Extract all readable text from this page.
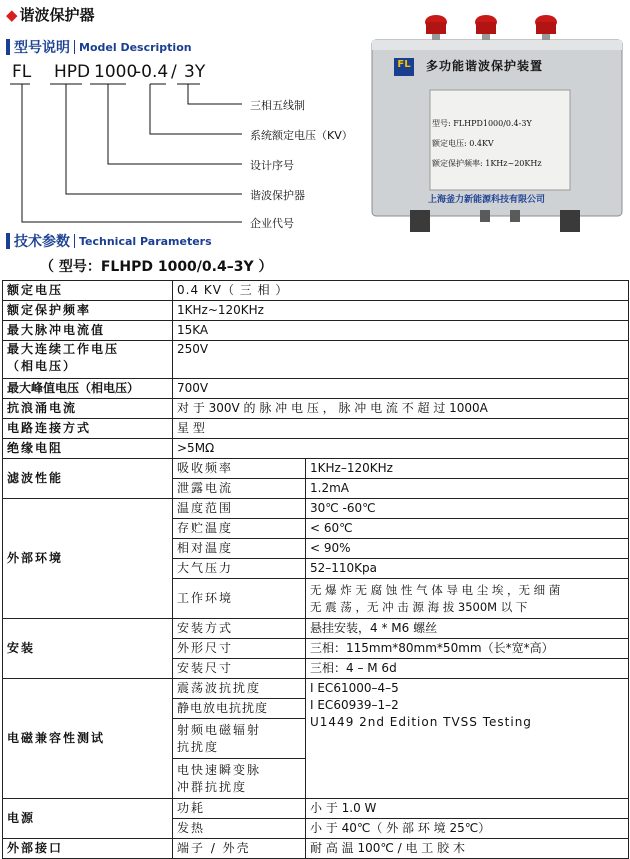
◆ 谐波保护器
型号说明 Model Description
FL HPD 1000
-0.4 / 3Y
三相五线制
系统额定电压（KV）
设计序号
谐波保护器
企业代号
FL 多功能谐波保护装置
型号: FLHPD1000/0.4-3Y
额定电压: 0.4KV
额定保护频率: 1KHz~20KHz
上海釜力新能源科技有限公司
技术参数 Technical Parameters
（ 型号：FLHPD 1000/0.4–3Y ）
额定电压	0.4 KV（ 三 相 ）	
额定保护频率	1KHz~120KHz	
最大脉冲电流值	15KA	

最大连续工作电压
（相电压）	250V	
最大峰值电压（相电压）	700V	
抗浪涌电流	对 于 300V 的 脉 冲 电 压 ， 脉 冲 电 流 不 超 过 1000A	
电路连接方式	星 型	
绝缘电阻	>5MΩ	
滤波性能	吸收频率	1KHz–120KHz
	泄露电流	1.2mA
外部环境	温度范围	30℃ -60℃
	存贮温度	< 60℃
	相对温度	< 90%
	大气压力	52–110Kpa
	工作环境	无 爆 炸 无 腐 蚀 性 气 体 导 电 尘 埃 ，无 细 菌
无 震 荡 ，无 冲 击 源 海 拔 3500M 以 下

安装	安装方式	悬挂安装，4 * M6 螺丝
	外形尺寸	三相：115mm*80mm*50mm（长*宽*高）
	安装尺寸	三相：4 – M 6d
电磁兼容性测试	震荡波抗扰度	I EC61000–4–5
I EC60939–1–2
U1449 2nd Edition TVSS Testing

	静电放电抗扰度	

	射频电磁辐射
抗扰度	

	电快速瞬变脉
冲群抗扰度	

电源	功耗	小 于 1.0 W
	发热	小 于 40℃（ 外 部 环 境 25℃）
外部接口	端子 / 外壳	耐 高 温 100℃ / 电 工 胶 木
